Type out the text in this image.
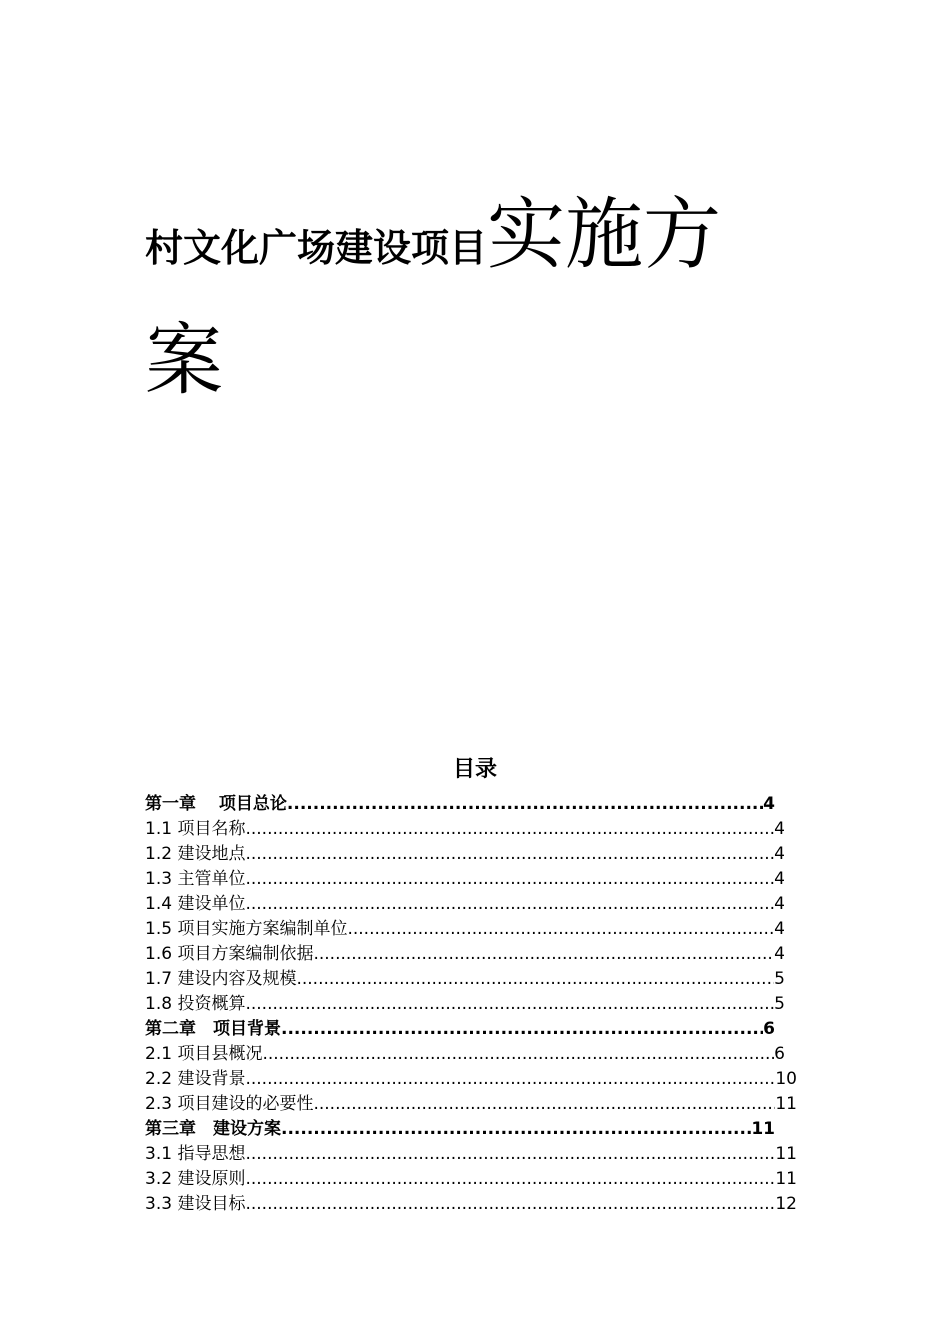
村文化广场建设项目实施方
案
目录
第一章　 项目总论 .....	4
1.1 项目名称 .....	4
1.2 建设地点 .....	4
1.3 主管单位 .....	4
1.4 建设单位 .....	4
1.5 项目实施方案编制单位 .....	4
1.6 项目方案编制依据 .....	4
1.7 建设内容及规模 .....	5
1.8 投资概算 .....	5
第二章　项目背景 .....	6
2.1 项目县概况 .....	6
2.2 建设背景 .....	10
2.3 项目建设的必要性 .....	11
第三章　建设方案 .....	11
3.1 指导思想 .....	11
3.2 建设原则 .....	11
3.3 建设目标 .....	12
